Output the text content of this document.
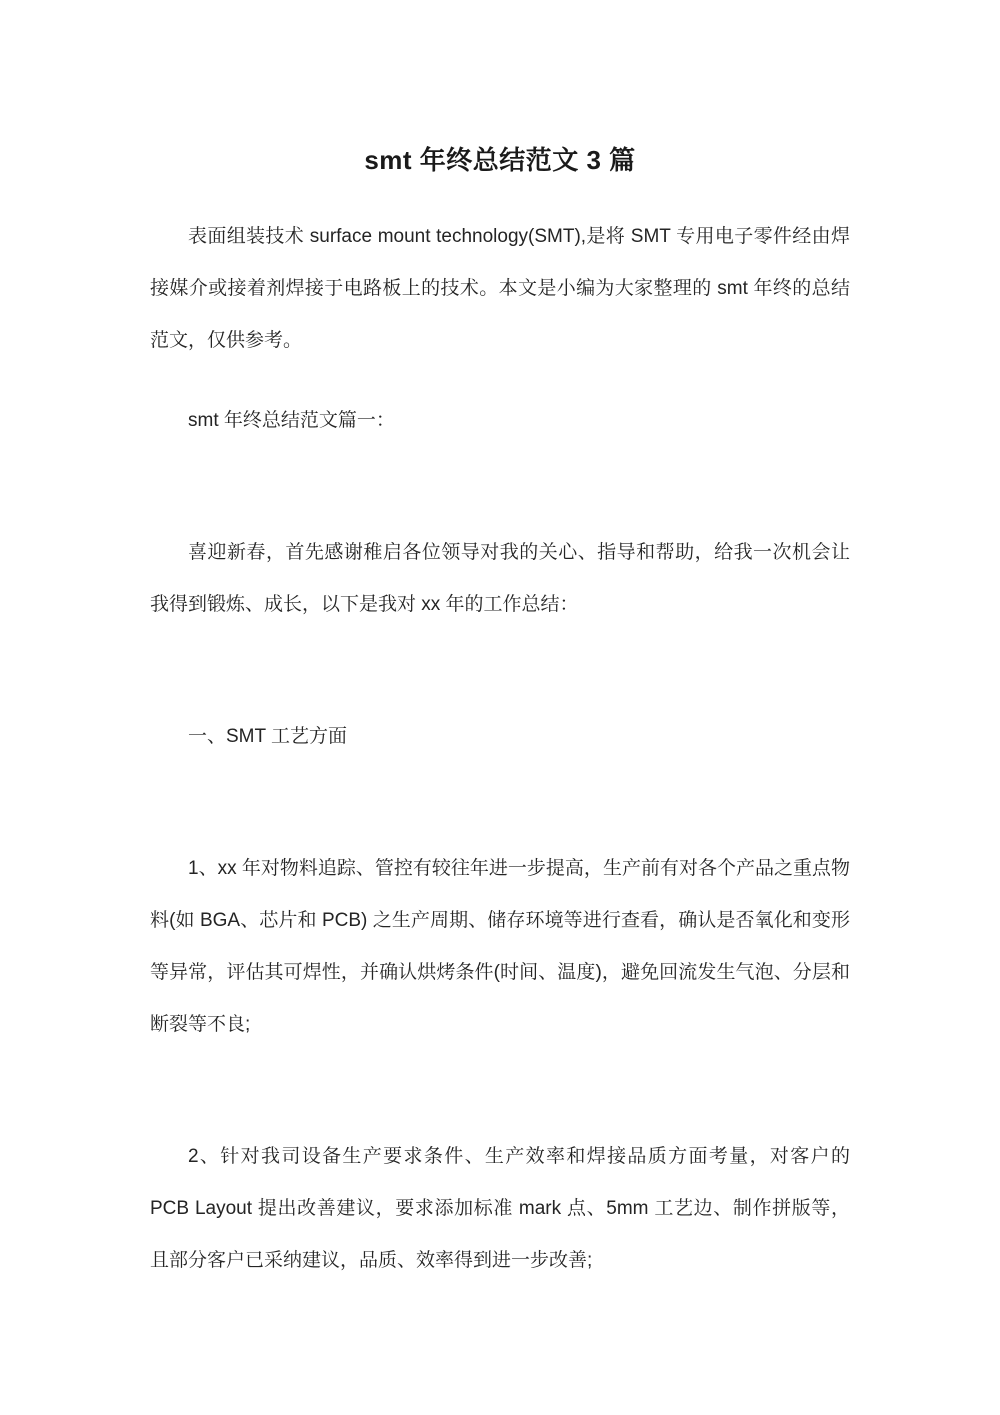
smt 年终总结范文 3 篇

表面组装技术 surface mount technology(SMT),是将 SMT 专用电子零件经由焊接媒介或接着剂焊接于电路板上的技术。本文是小编为大家整理的 smt 年终的总结范文，仅供参考。

smt 年终总结范文篇一：

喜迎新春，首先感谢稚启各位领导对我的关心、指导和帮助，给我一次机会让我得到锻炼、成长，以下是我对 xx 年的工作总结：

一、SMT 工艺方面

1、xx 年对物料追踪、管控有较往年进一步提高，生产前有对各个产品之重点物料(如 BGA、芯片和 PCB) 之生产周期、储存环境等进行查看，确认是否氧化和变形等异常，评估其可焊性，并确认烘烤条件(时间、温度)，避免回流发生气泡、分层和断裂等不良;

2、针对我司设备生产要求条件、生产效率和焊接品质方面考量，对客户的 PCB Layout 提出改善建议，要求添加标准 mark 点、5mm 工艺边、制作拼版等，且部分客户已采纳建议，品质、效率得到进一步改善;
